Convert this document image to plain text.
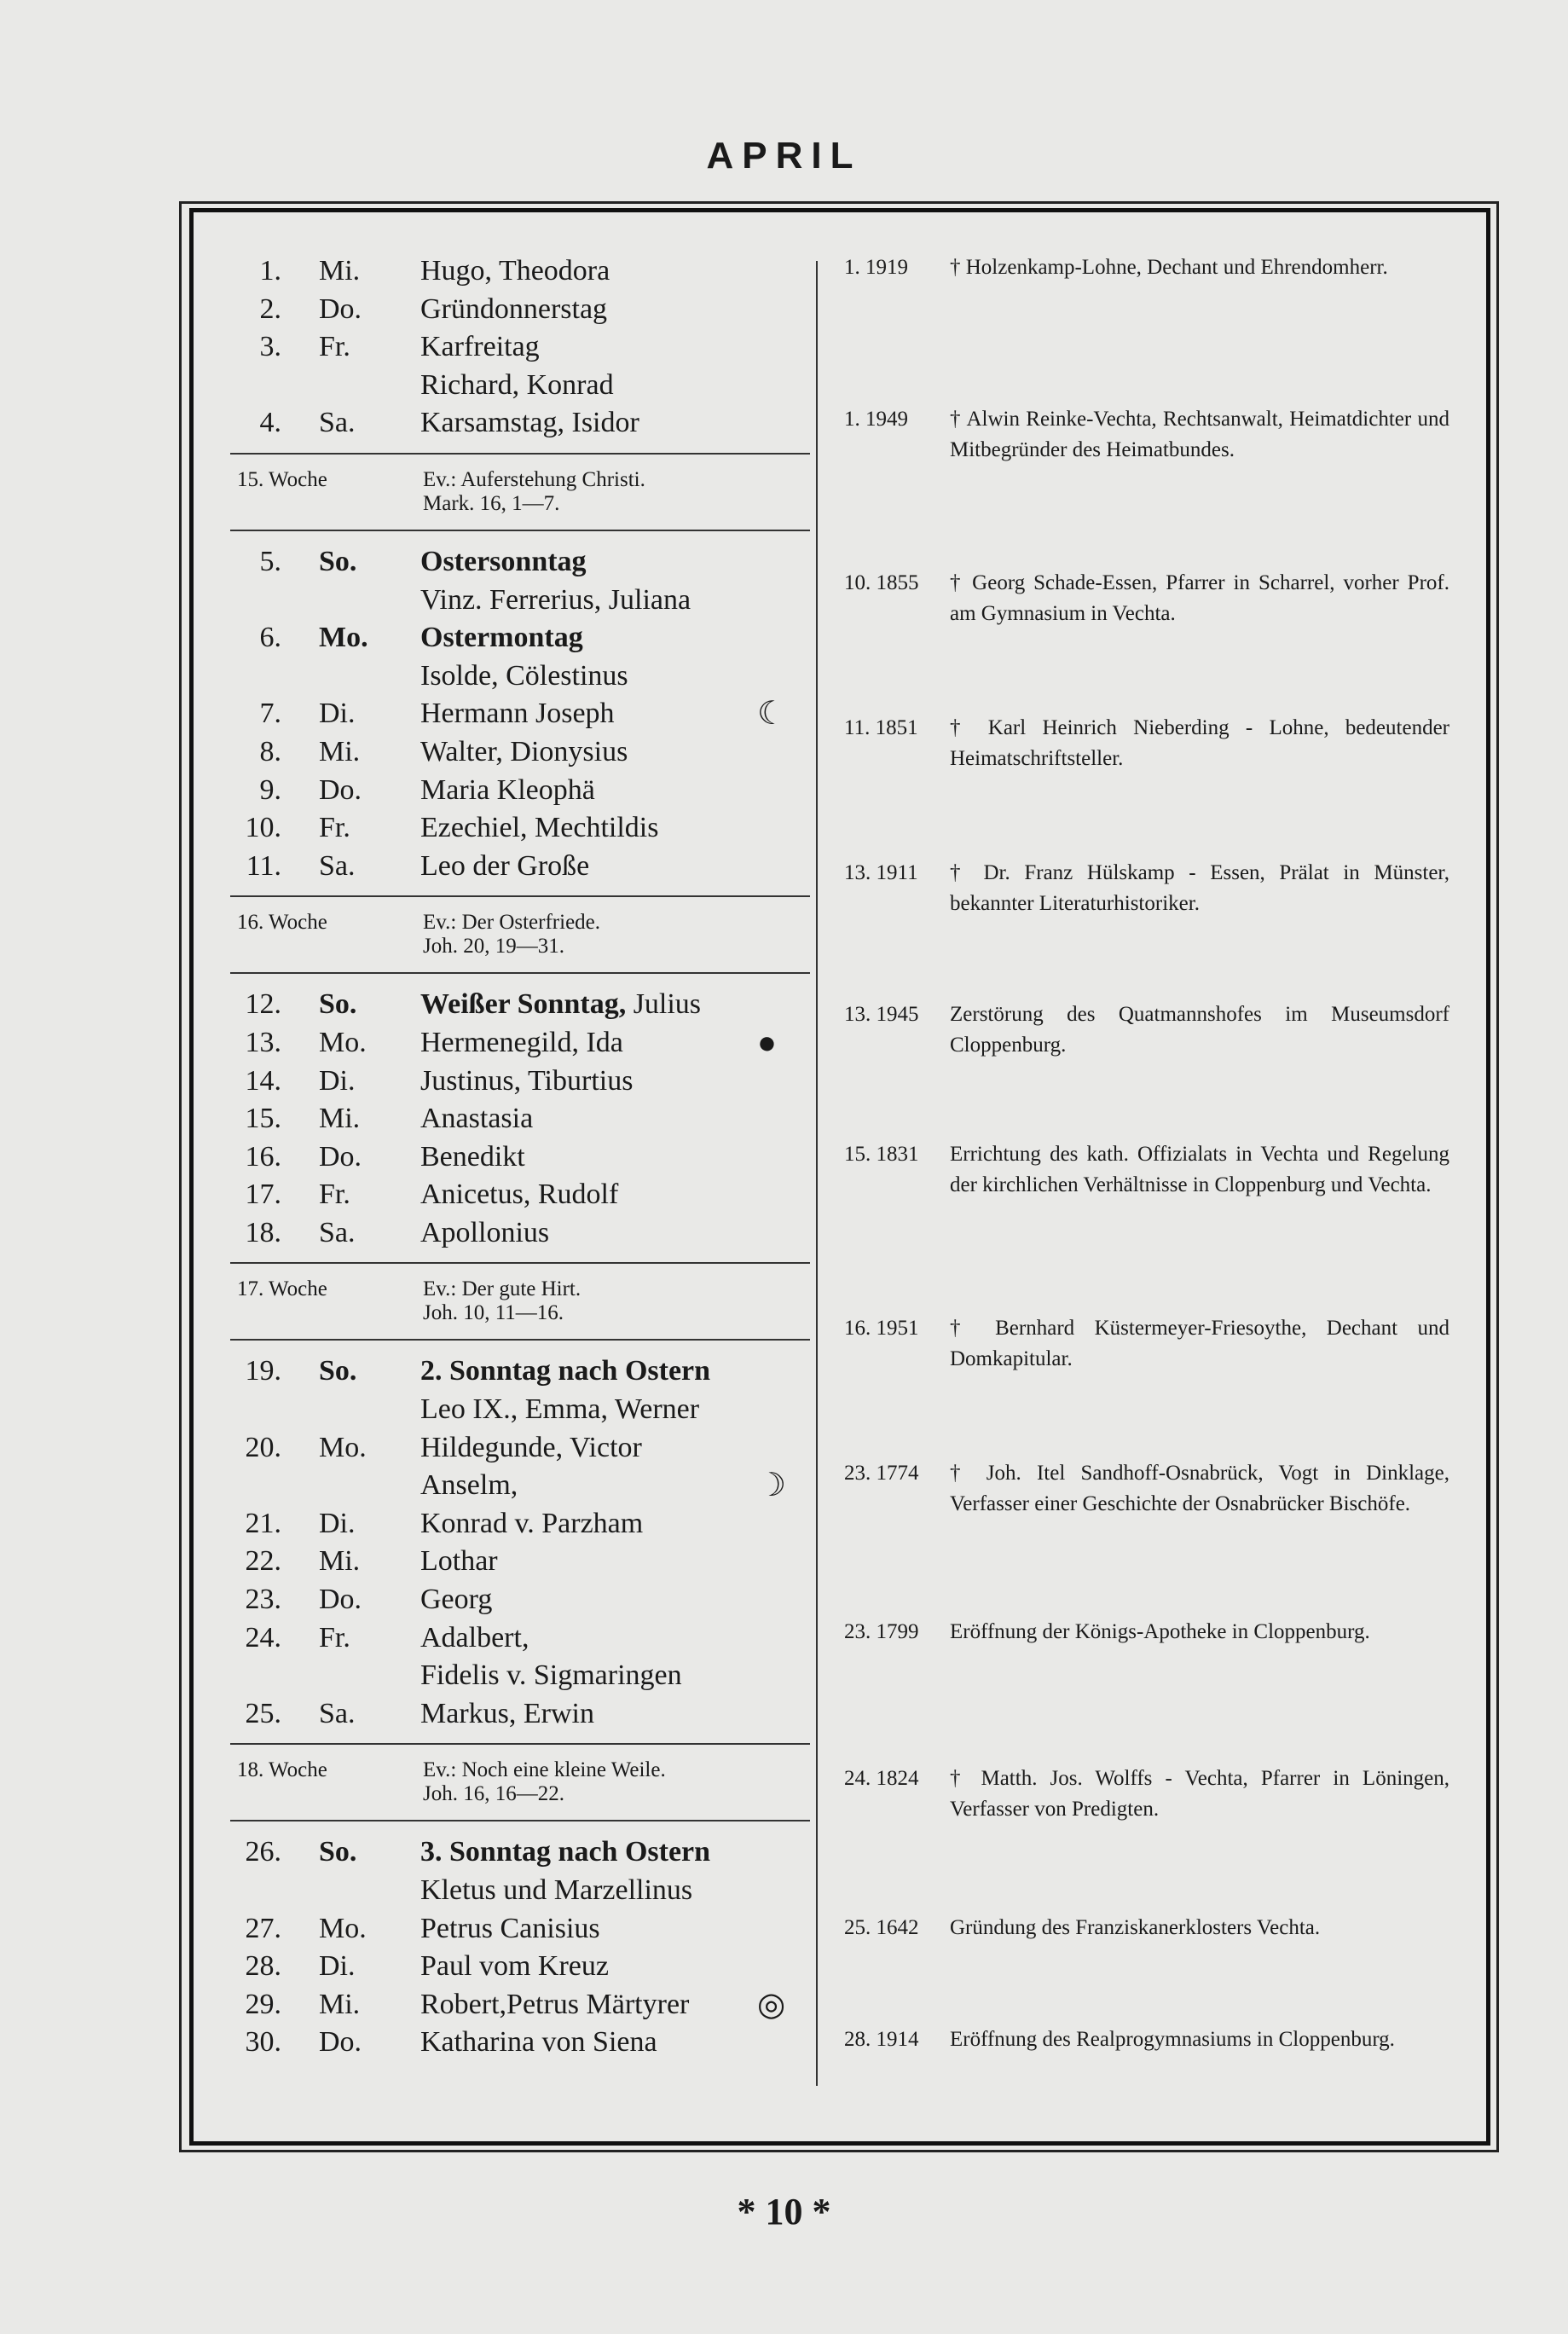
APRIL
1. Mi. Hugo, Theodora
2. Do. Gründonnerstag
3. Fr. Karfreitag
Richard, Konrad
4. Sa. Karsamstag, Isidor
15. Woche	Ev.: Auferstehung Christi.
Mark. 16, 1—7.
5. So. Ostersonntag
Vinz. Ferrerius, Juliana
6. Mo. Ostermontag
Isolde, Cölestinus
7. Di. Hermann Joseph	☾
8. Mi. Walter, Dionysius
9. Do. Maria Kleophä
10. Fr. Ezechiel, Mechtildis
11. Sa. Leo der Große
16. Woche	Ev.: Der Osterfriede.
Joh. 20, 19—31.
12. So. Weißer Sonntag, Julius
13. Mo. Hermenegild, Ida	●
14. Di. Justinus, Tiburtius
15. Mi. Anastasia
16. Do. Benedikt
17. Fr. Anicetus, Rudolf
18. Sa. Apollonius
17. Woche	Ev.: Der gute Hirt.
Joh. 10, 11—16.
19. So. 2. Sonntag nach Ostern
Leo IX., Emma, Werner
20. Mo. Hildegunde, Victor
Anselm,	☽
21. Di. Konrad v. Parzham
22. Mi. Lothar
23. Do. Georg
24. Fr. Adalbert,
Fidelis v. Sigmaringen
25. Sa. Markus, Erwin
18. Woche	Ev.: Noch eine kleine Weile.
Joh. 16, 16—22.
26. So. 3. Sonntag nach Ostern
Kletus und Marzellinus
27. Mo. Petrus Canisius
28. Di. Paul vom Kreuz
29. Mi. Robert,Petrus Märtyrer ◎
30. Do. Katharina von Siena
1. 1919	† Holzenkamp-Lohne, Dechant und Ehrendomherr.
1. 1949	† Alwin Reinke-Vechta, Rechtsanwalt, Heimatdichter und Mitbegründer des Heimatbundes.
10. 1855	† Georg Schade-Essen, Pfarrer in Scharrel, vorher Prof. am Gymnasium in Vechta.
11. 1851	† Karl Heinrich Nieberding - Lohne, bedeutender Heimatschriftsteller.
13. 1911	† Dr. Franz Hülskamp - Essen, Prälat in Münster, bekannter Literaturhistoriker.
13. 1945	Zerstörung des Quatmannshofes im Museumsdorf Cloppenburg.
15. 1831	Errichtung des kath. Offizialats in Vechta und Regelung der kirchlichen Verhältnisse in Cloppenburg und Vechta.
16. 1951	† Bernhard Küstermeyer-Friesoythe, Dechant und Domkapitular.
23. 1774	† Joh. Itel Sandhoff-Osnabrück, Vogt in Dinklage, Verfasser einer Geschichte der Osnabrücker Bischöfe.
23. 1799	Eröffnung der Königs-Apotheke in Cloppenburg.
24. 1824	† Matth. Jos. Wolffs - Vechta, Pfarrer in Löningen, Verfasser von Predigten.
25. 1642	Gründung des Franziskanerklosters Vechta.
28. 1914	Eröffnung des Realprogymnasiums in Cloppenburg.
* 10 *
